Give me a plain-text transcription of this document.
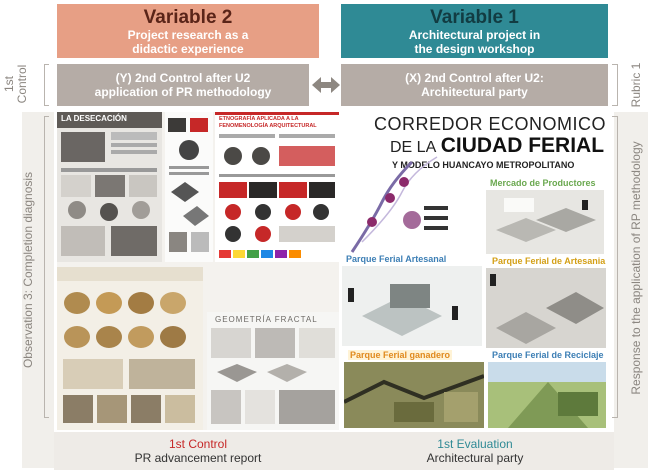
Variable 2
Project research as a
didactic experience
Variable 1
Architectural project in
the design workshop
1st Control	(Y) 2nd Control after U2
application of PR methodology
(X) 2nd Control after U2:
Architectural party	Rubric 1
Observation 3: Completion diagnosis	Response to the application of RP methodology
LA DESECACIÓN	ETNOGRAFÍA APLICADA A LA
FENOMENOLOGÍA ARQUITECTURAL
GEOMETRÍA FRACTAL
CORREDOR ECONOMICO
DE LA CIUDAD FERIAL
Y MODELO HUANCAYO METROPOLITANO
Mercado de Productores
Parque Ferial Artesanal	Parque Ferial de Artesania
Parque Ferial ganadero	Parque Ferial de Reciclaje
1st Control
PR advancement report
1st Evaluation
Architectural party
